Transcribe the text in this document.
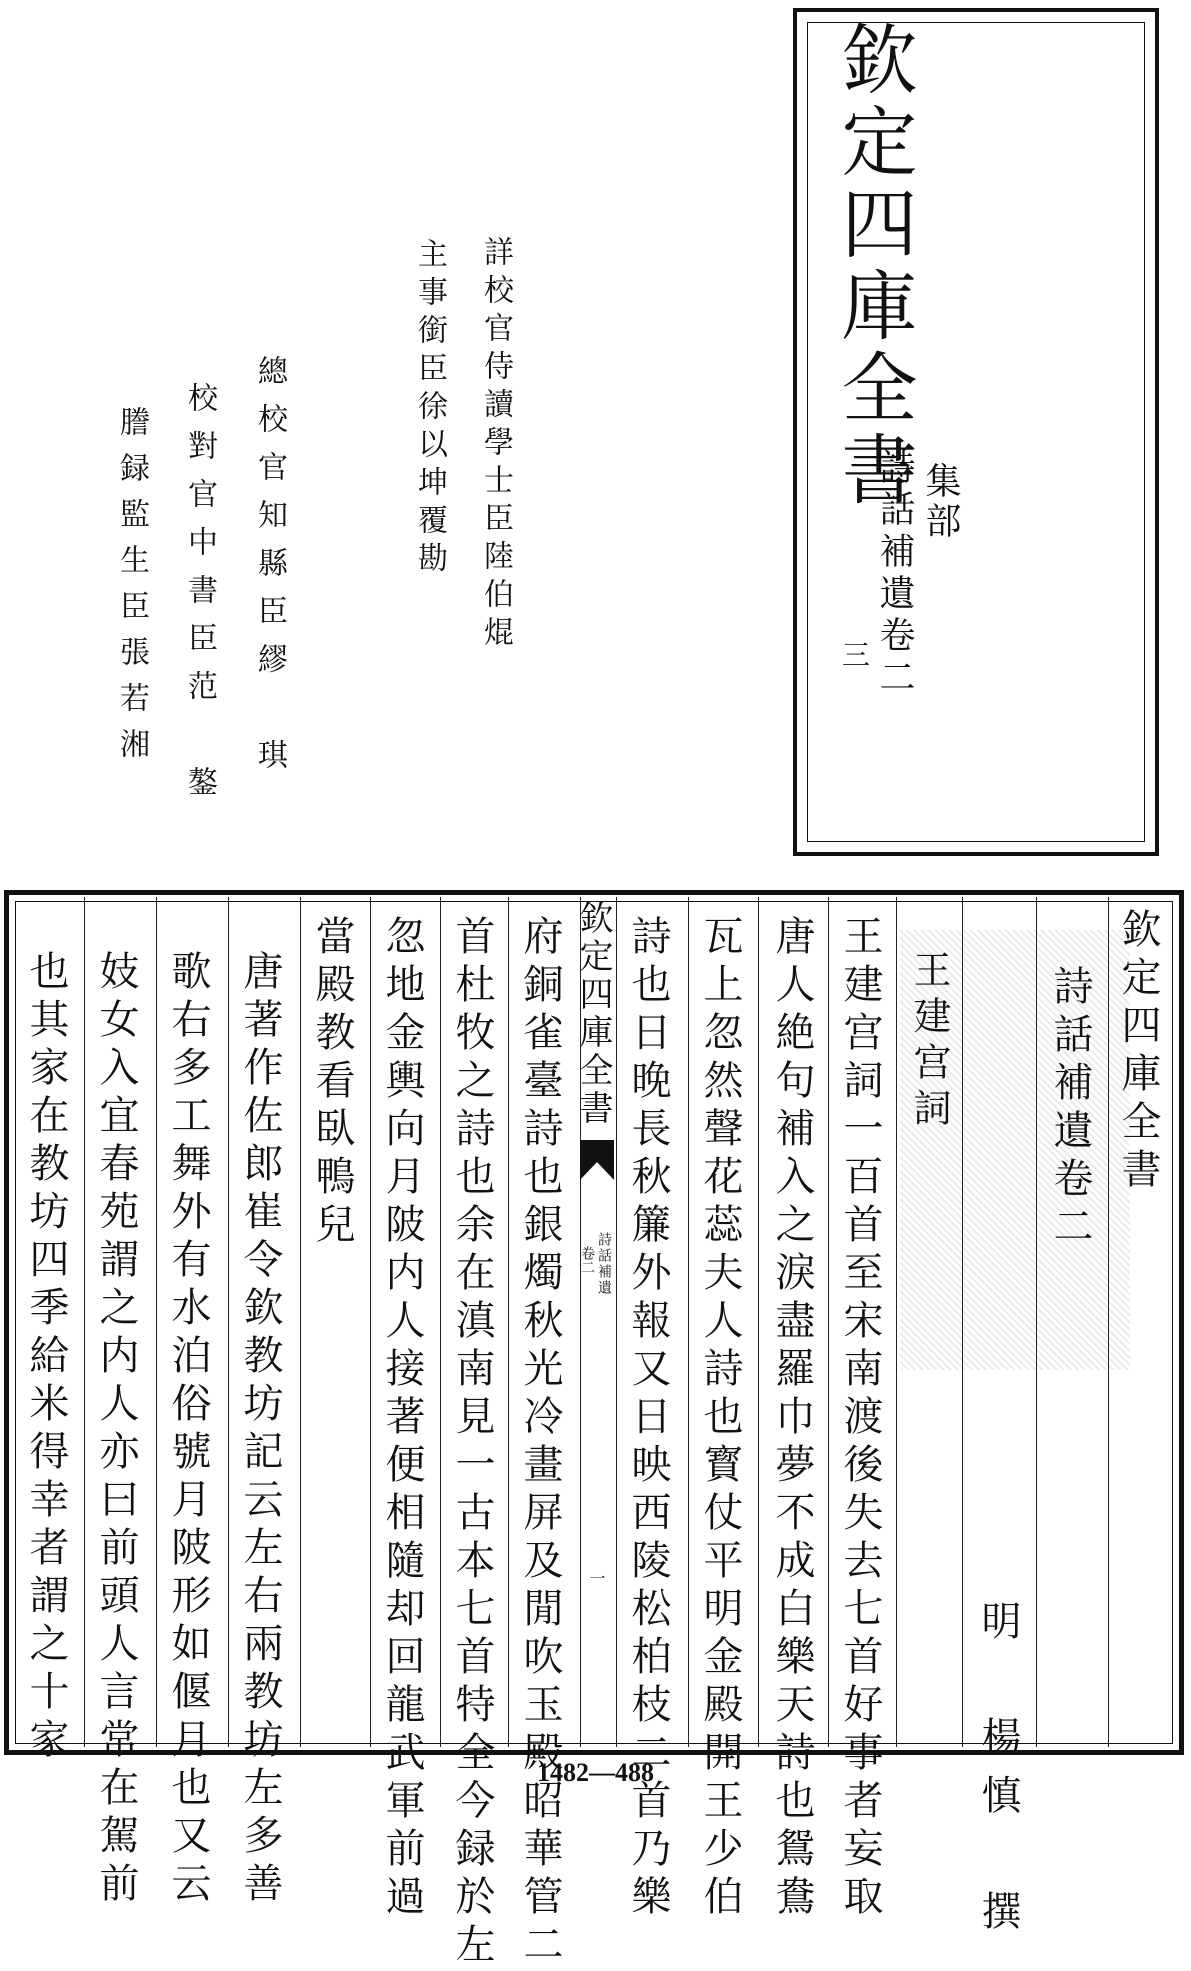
欽定四庫全書 集部
詩話補遺卷二
三
詳校官侍讀學士臣陸伯焜
主事銜臣徐以坤覆勘
總校官知縣臣繆　琪
校對官中書臣范　鏊
謄録監生臣張若湘
欽定四庫全書
詩話補遺卷二
明　楊慎　撰
王建宫詞
王建宫詞一百首至宋南渡後失去七首好事者妄取
唐人絶句補入之淚盡羅巾夢不成白樂天詩也鴛鴦
瓦上忽然聲花蕊夫人詩也寳仗平明金殿開王少伯
詩也日晚長秋簾外報又日映西陵松柏枝二首乃樂
欽定四庫全書
詩話補遺
卷二
一
府銅雀臺詩也銀燭秋光冷畫屏及閒吹玉殿昭華管二
首杜牧之詩也余在滇南見一古本七首特全今録於左
忽地金輿向月陂内人接著便相隨却回龍武軍前過
當殿教看臥鴨兒
唐著作佐郎崔令欽教坊記云左右兩教坊左多善
歌右多工舞外有水泊俗號月陂形如偃月也又云
妓女入宜春苑謂之内人亦曰前頭人言常在駕前
也其家在教坊四季給米得幸者謂之十家
1482—488
